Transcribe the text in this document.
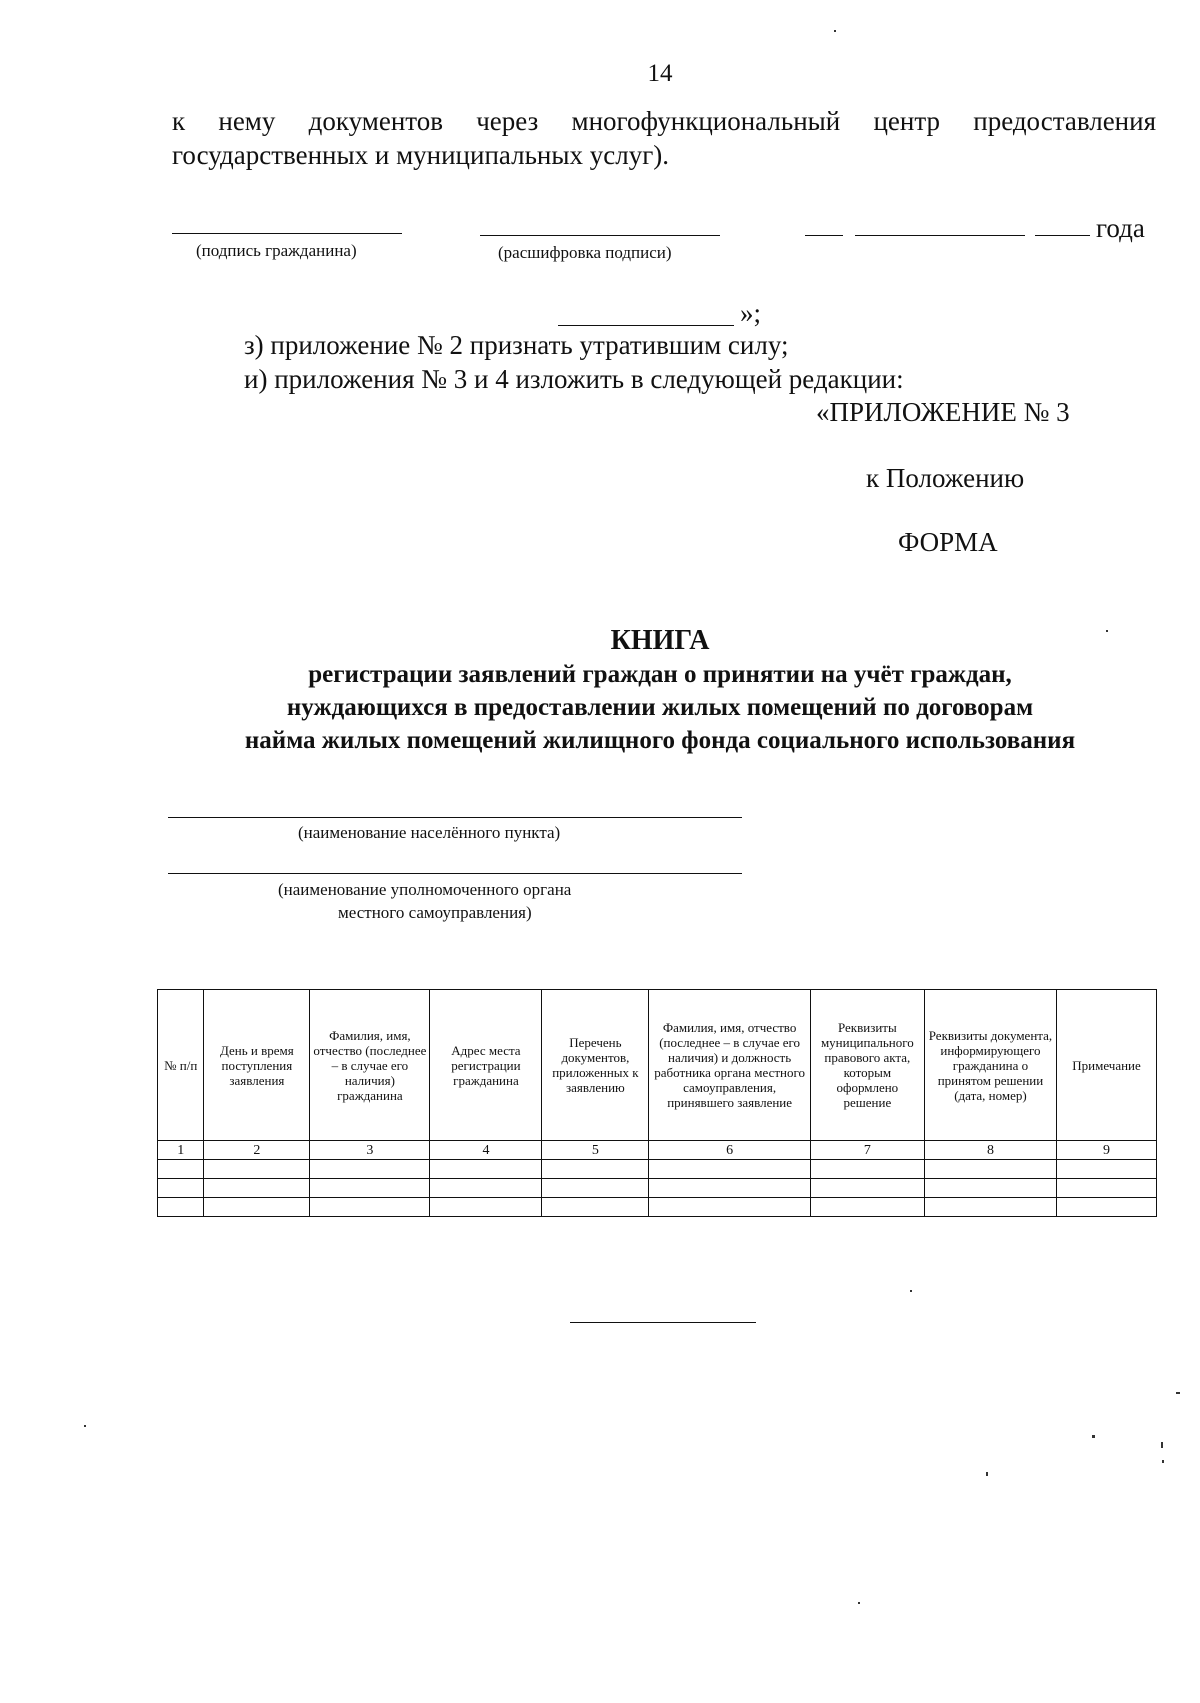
14
к нему документов через многофункциональный центр предоставления
государственных и муниципальных услуг).
(подпись гражданина)	(расшифровка подписи)
года
»;
з) приложение № 2 признать утратившим силу;
и) приложения № 3 и 4 изложить в следующей редакции:
«ПРИЛОЖЕНИЕ № 3
к Положению
ФОРМА
КНИГА
регистрации заявлений граждан о принятии на учёт граждан,
нуждающихся в предоставлении жилых помещений по договорам
найма жилых помещений жилищного фонда социального использования
(наименование населённого пункта)
(наименование уполномоченного органа
местного самоуправления)
№ п/п	День и время поступления заявления	Фамилия, имя, отчество (последнее – в случае его наличия) гражданина	Адрес места регистрации гражданина	Перечень документов, приложенных к заявлению	Фамилия, имя, отчество (последнее – в случае его наличия) и должность работника органа местного самоуправления, принявшего заявление	Реквизиты муниципального правового акта, которым оформлено решение	Реквизиты документа, информирующего гражданина о принятом решении (дата, номер)	Примечание
1	2	3	4	5	6	7	8	9
